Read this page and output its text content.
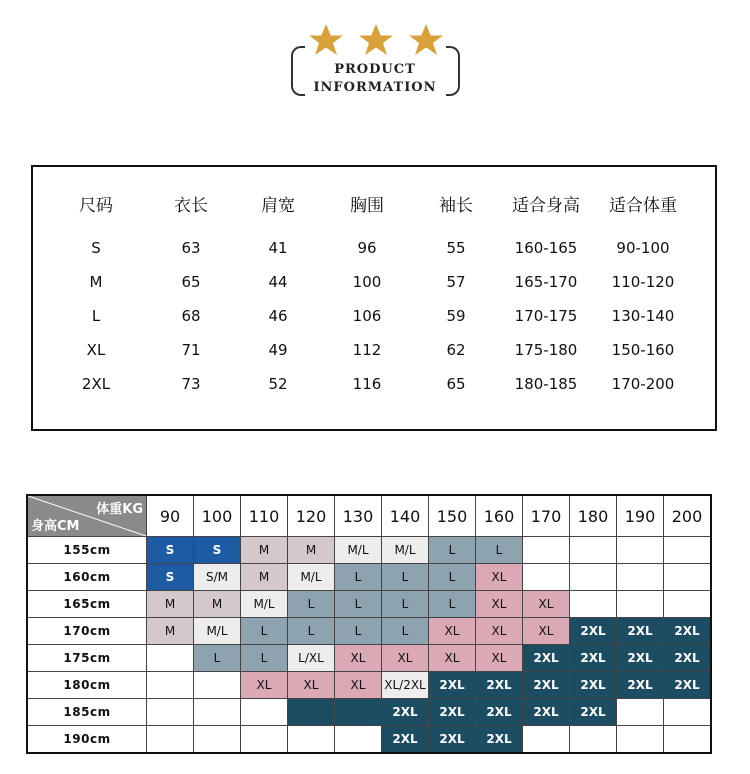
PRODUCT
INFORMATION
尺码	衣长	肩宽	胸围	袖长	适合身高	适合体重
S	63	41	96	55	160-165	90-100
M	65	44	100	57	165-170	110-120
L	68	46	106	59	170-175	130-140
XL	71	49	112	62	175-180	150-160
2XL	73	52	116	65	180-185	170-200
体重KG
身高CM	90	100	110	120	130	140	150	160	170	180	190	200
155cm	S	S	M	M	M/L	M/L	L	L				
160cm	S	S/M	M	M/L	L	L	L	XL				
165cm	M	M	M/L	L	L	L	L	XL	XL			
170cm	M	M/L	L	L	L	L	XL	XL	XL	2XL	2XL	2XL
175cm		L	L	L/XL	XL	XL	XL	XL	2XL	2XL	2XL	2XL
180cm			XL	XL	XL	XL/2XL	2XL	2XL	2XL	2XL	2XL	2XL
185cm						2XL	2XL	2XL	2XL	2XL		
190cm						2XL	2XL	2XL				
